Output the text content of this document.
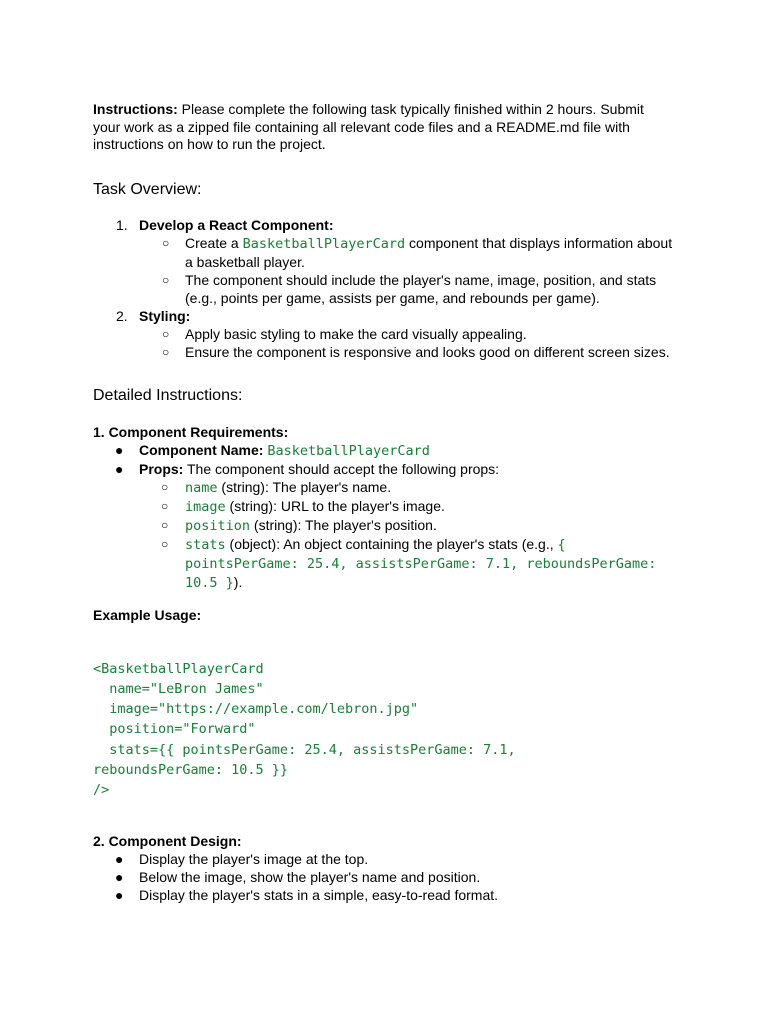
Instructions: Please complete the following task typically finished within 2 hours. Submit your work as a zipped file containing all relevant code files and a README.md file with instructions on how to run the project.

Task Overview:
1. Develop a React Component:
○ Create a BasketballPlayerCard component that displays information about a basketball player.
○ The component should include the player's name, image, position, and stats (e.g., points per game, assists per game, and rebounds per game).
2. Styling:
○ Apply basic styling to make the card visually appealing.
○ Ensure the component is responsive and looks good on different screen sizes.
Detailed Instructions:

1. Component Requirements:

● Component Name: BasketballPlayerCard
● Props: The component should accept the following props:
○ name (string): The player's name.
○ image (string): URL to the player's image.
○ position (string): The player's position.
○ stats (object): An object containing the player's stats (e.g., { pointsPerGame: 25.4, assistsPerGame: 7.1, reboundsPerGame: 10.5 }).

Example Usage:

<BasketballPlayerCard
name="LeBron James"
image="https://example.com/lebron.jpg"
position="Forward"
stats={{ pointsPerGame: 25.4, assistsPerGame: 7.1,
reboundsPerGame: 10.5 }}
/>

2. Component Design:

● Display the player's image at the top.
● Below the image, show the player's name and position.
● Display the player's stats in a simple, easy-to-read format.
